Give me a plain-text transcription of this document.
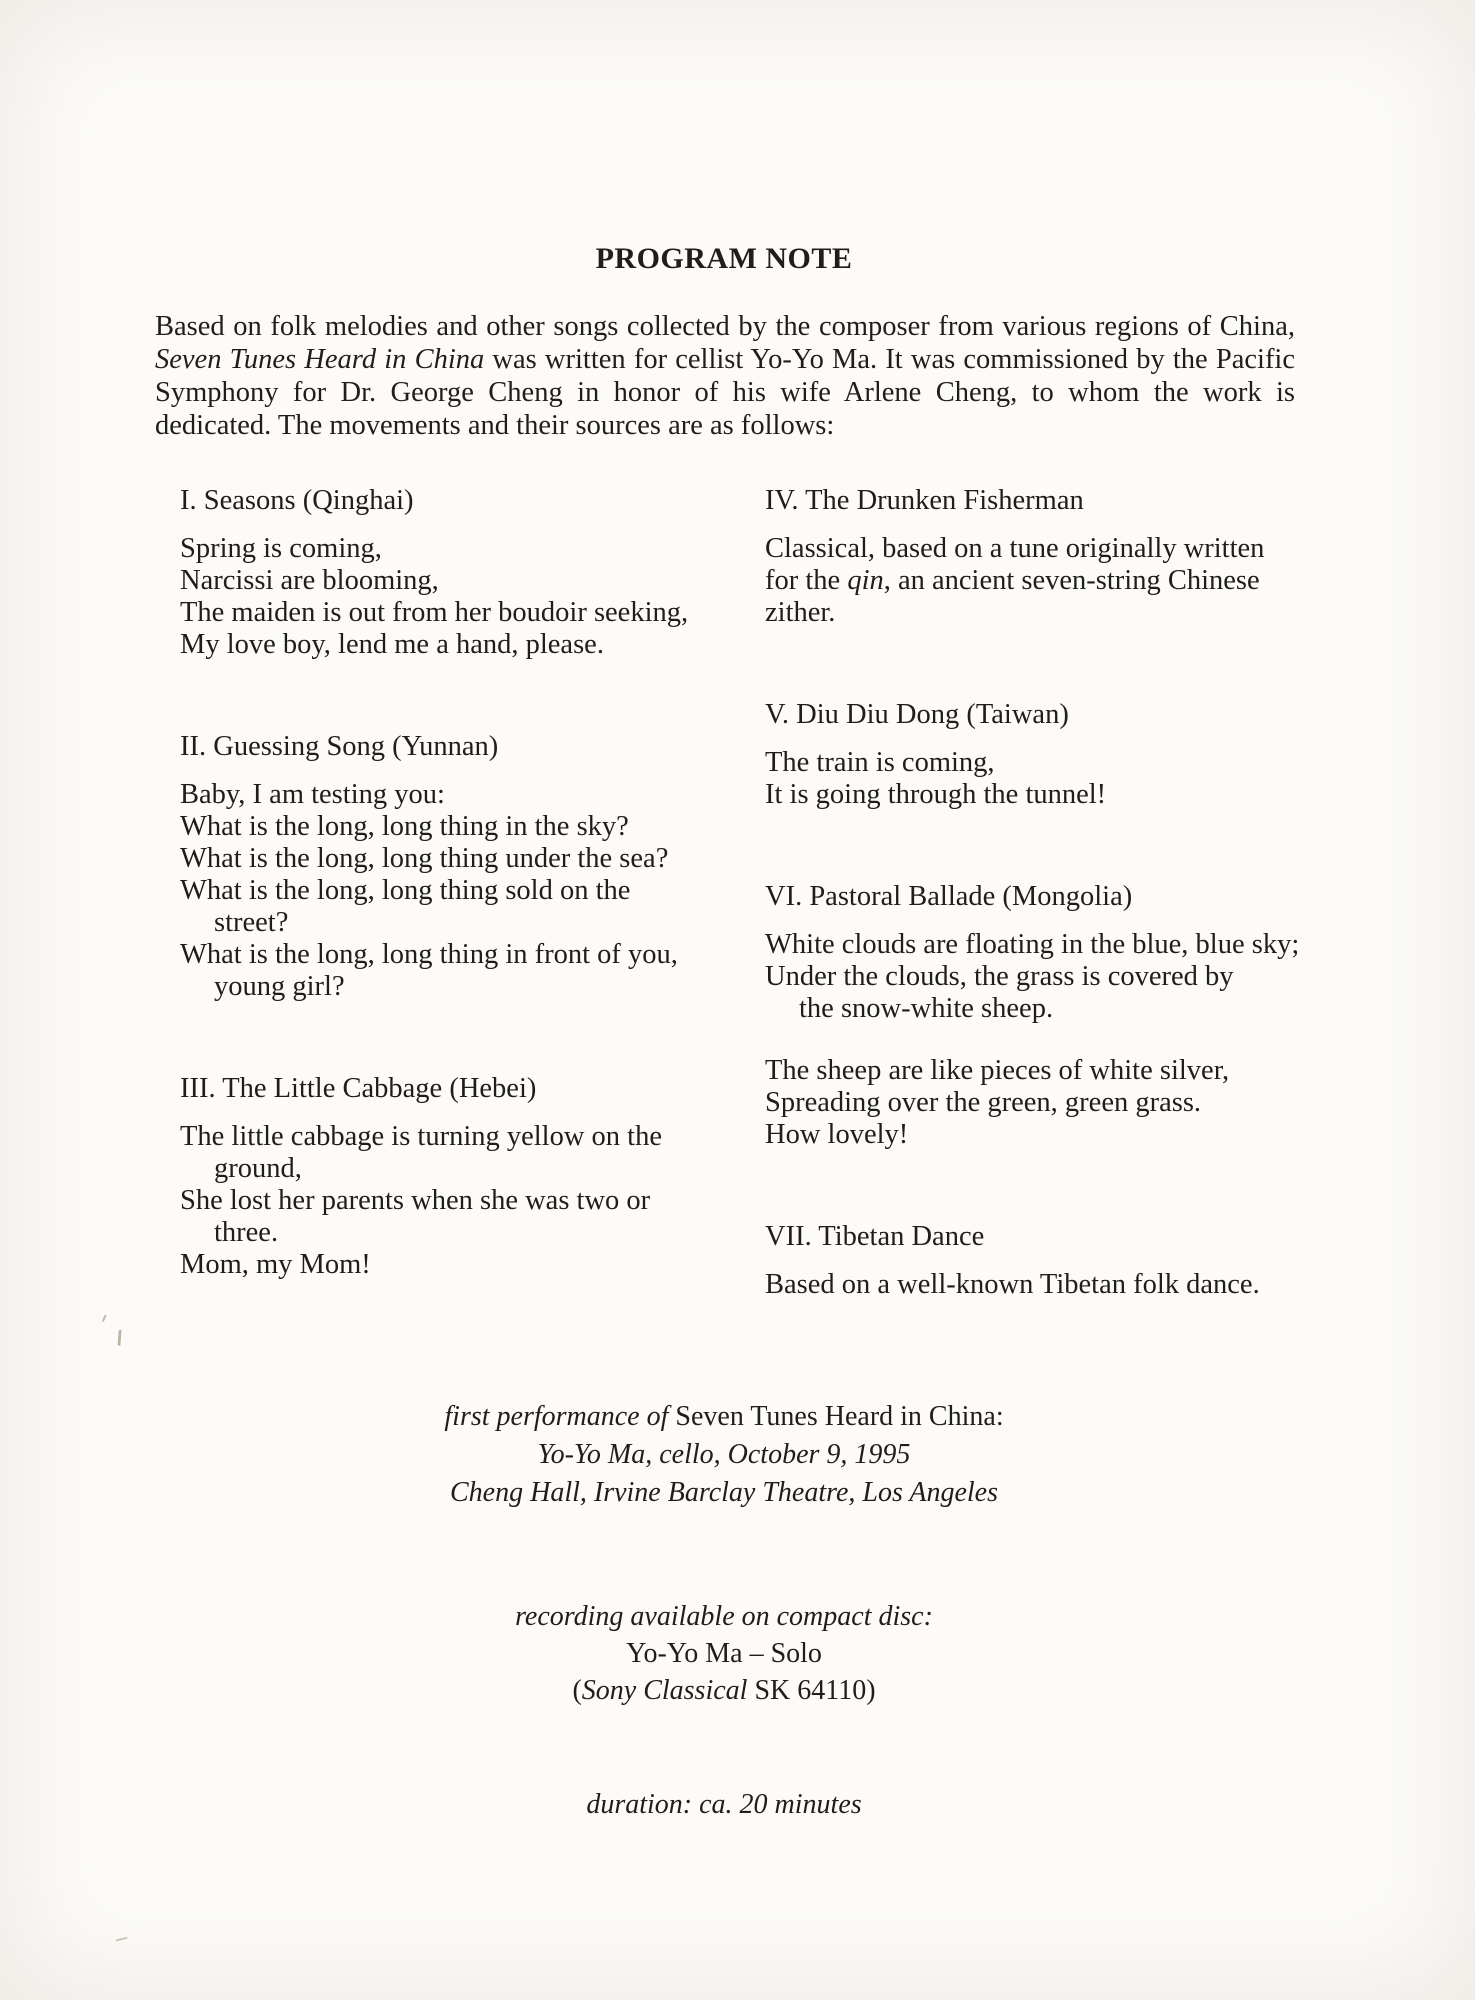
PROGRAM NOTE

Based on folk melodies and other songs collected by the composer from various regions of China, Seven Tunes Heard in China was written for cellist Yo-Yo Ma. It was commissioned by the Pacific Symphony for Dr. George Cheng in honor of his wife Arlene Cheng, to whom the work is dedicated. The movements and their sources are as follows:

I. Seasons (Qinghai)
Spring is coming,
Narcissi are blooming,
The maiden is out from her boudoir seeking,
My love boy, lend me a hand, please.
II. Guessing Song (Yunnan)
Baby, I am testing you:
What is the long, long thing in the sky?
What is the long, long thing under the sea?
What is the long, long thing sold on the
street?
What is the long, long thing in front of you,
young girl?
III. The Little Cabbage (Hebei)
The little cabbage is turning yellow on the
ground,
She lost her parents when she was two or
three.
Mom, my Mom!
IV. The Drunken Fisherman
Classical, based on a tune originally written
for the qin, an ancient seven-string Chinese
zither.
V. Diu Diu Dong (Taiwan)
The train is coming,
It is going through the tunnel!
VI. Pastoral Ballade (Mongolia)
White clouds are floating in the blue, blue sky;
Under the clouds, the grass is covered by
the snow-white sheep.
The sheep are like pieces of white silver,
Spreading over the green, green grass.
How lovely!
VII. Tibetan Dance
Based on a well-known Tibetan folk dance.
first performance of Seven Tunes Heard in China:
Yo-Yo Ma, cello, October 9, 1995
Cheng Hall, Irvine Barclay Theatre, Los Angeles
recording available on compact disc:
Yo-Yo Ma – Solo
(Sony Classical SK 64110)
duration: ca. 20 minutes
